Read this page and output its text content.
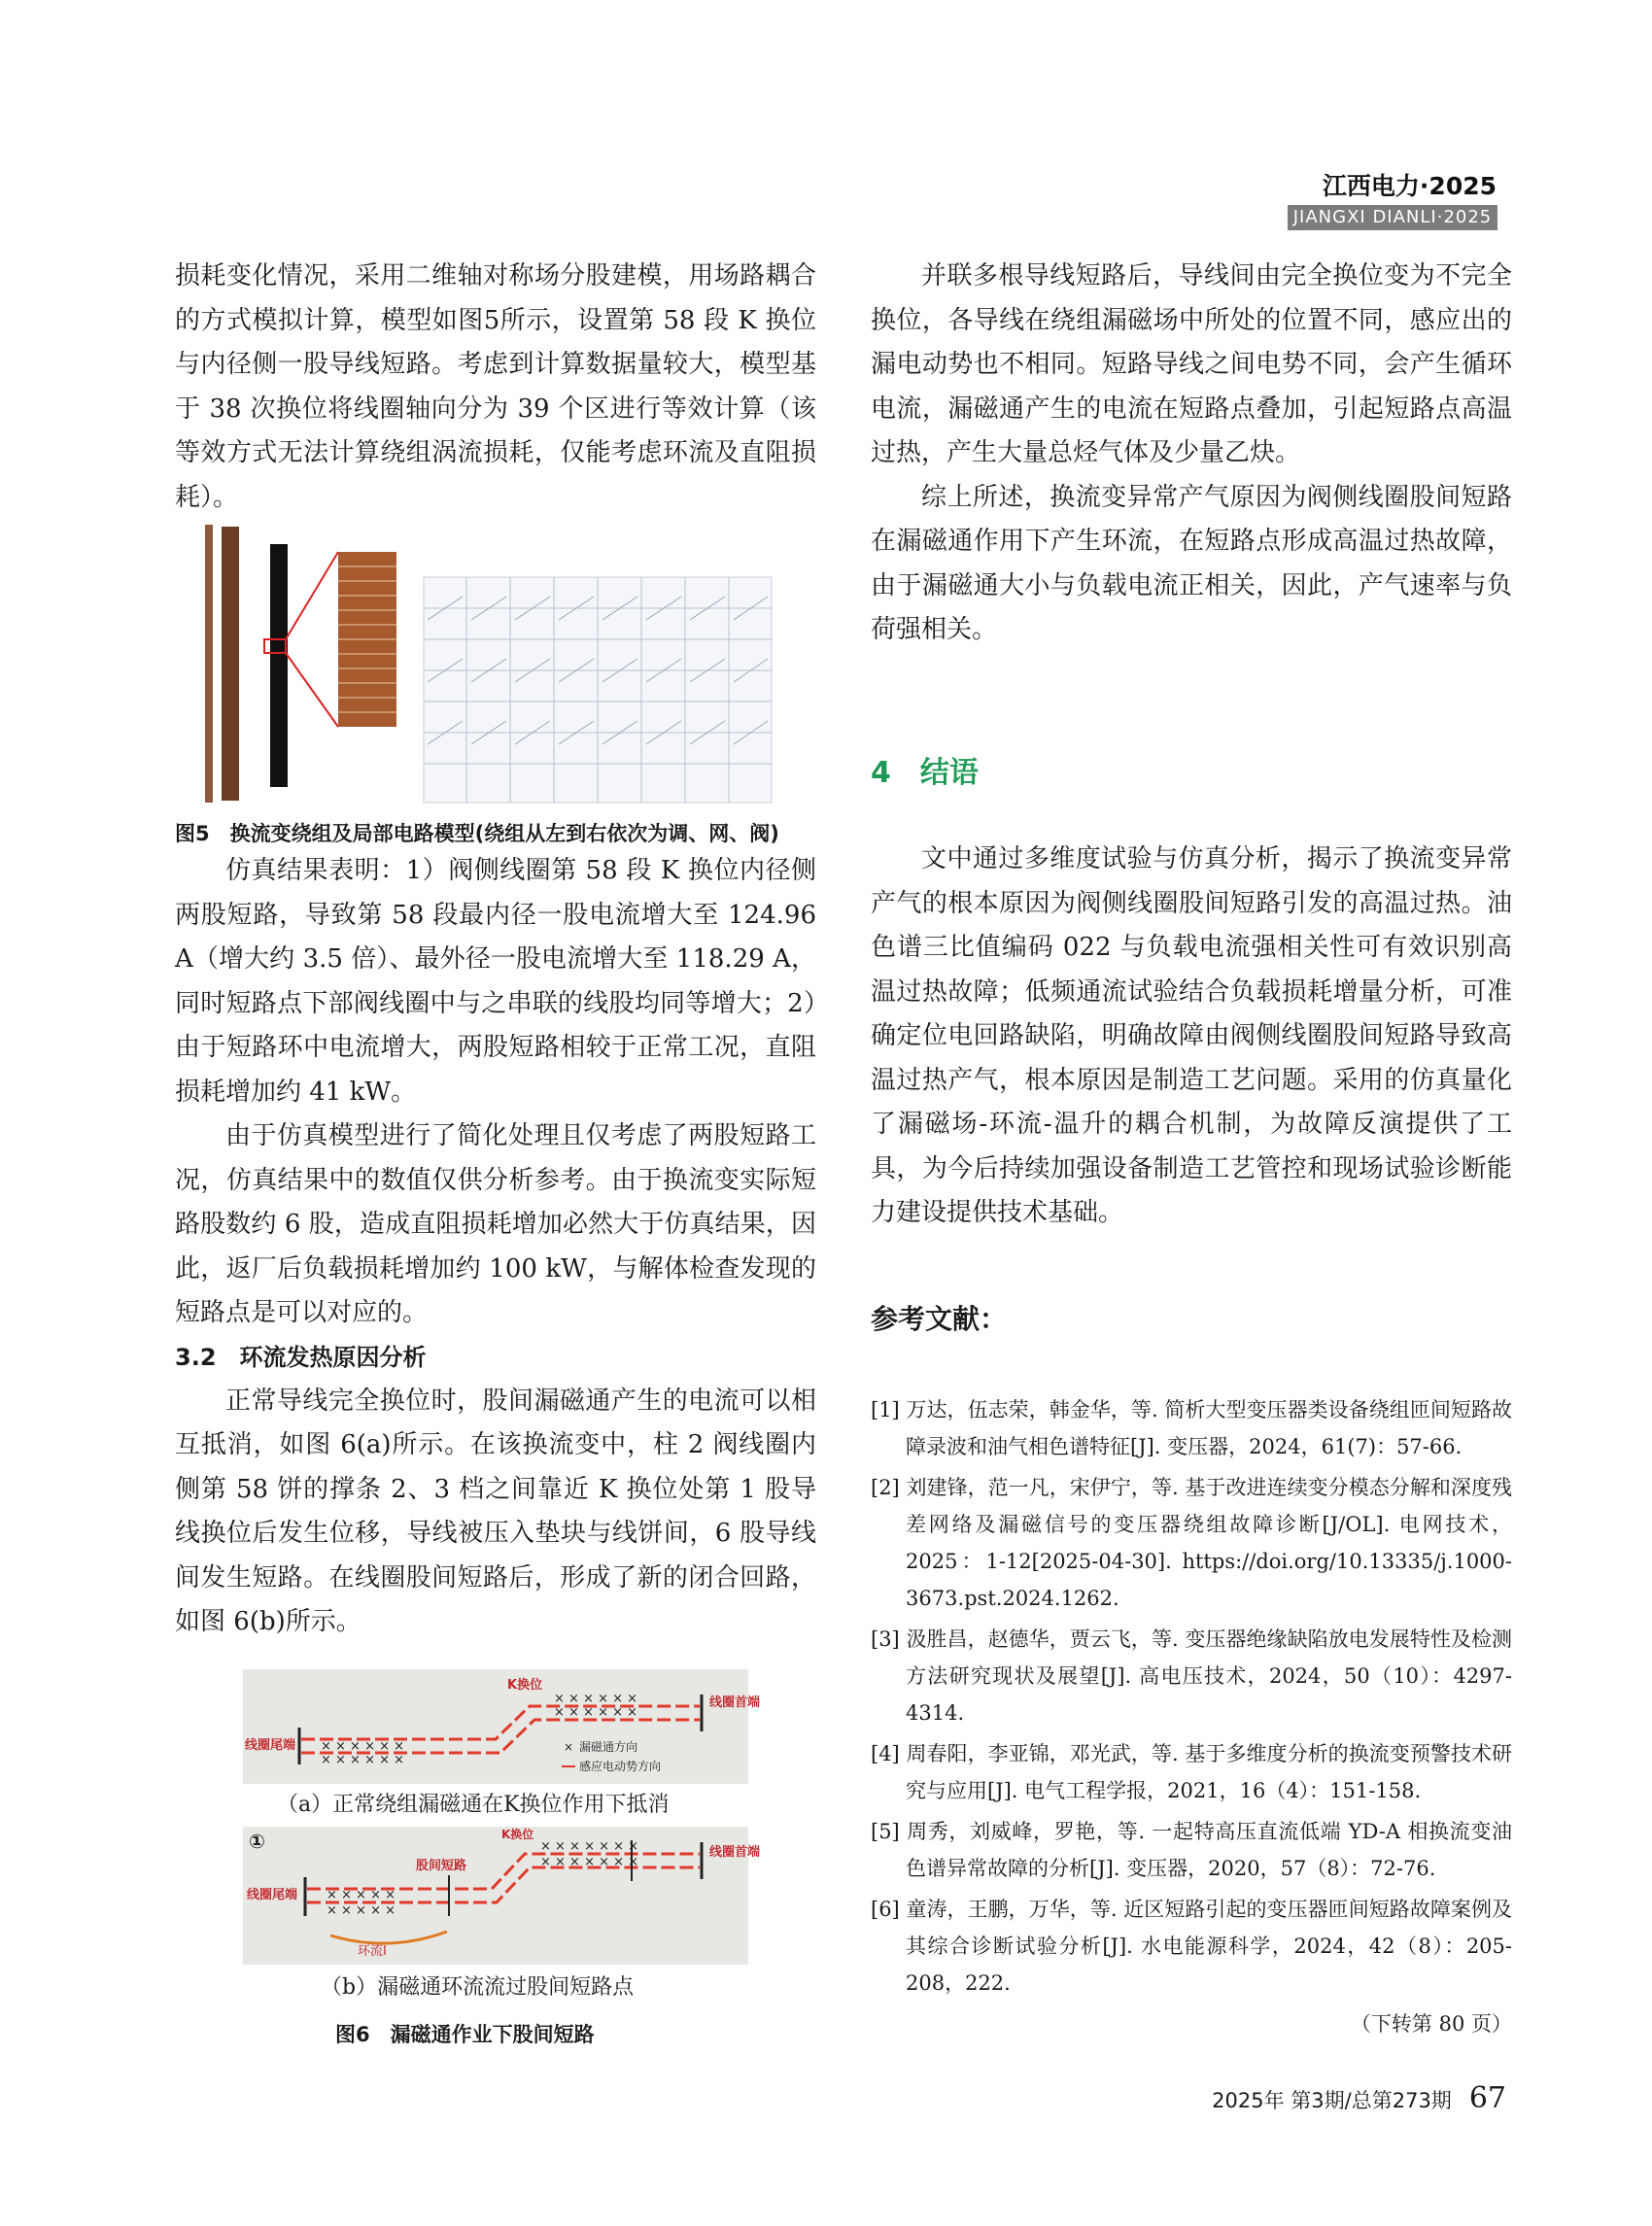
江西电力·2025
JIANGXI DIANLI·2025

损耗变化情况，采用二维轴对称场分股建模，用场路耦合的方式模拟计算，模型如图5所示，设置第 58 段 K 换位与内径侧一股导线短路。考虑到计算数据量较大，模型基于 38 次换位将线圈轴向分为 39 个区进行等效计算（该等效方式无法计算绕组涡流损耗，仅能考虑环流及直阻损耗）。

图5　换流变绕组及局部电路模型(绕组从左到右依次为调、网、阀)

仿真结果表明：1）阀侧线圈第 58 段 K 换位内径侧两股短路，导致第 58 段最内径一股电流增大至 124.96 A（增大约 3.5 倍）、最外径一股电流增大至 118.29 A，同时短路点下部阀线圈中与之串联的线股均同等增大；2）由于短路环中电流增大，两股短路相较于正常工况，直阻损耗增加约 41 kW。

由于仿真模型进行了简化处理且仅考虑了两股短路工况，仿真结果中的数值仅供分析参考。由于换流变实际短路股数约 6 股，造成直阻损耗增加必然大于仿真结果，因此，返厂后负载损耗增加约 100 kW，与解体检查发现的短路点是可以对应的。

3.2　环流发热原因分析

正常导线完全换位时，股间漏磁通产生的电流可以相互抵消，如图 6(a)所示。在该换流变中，柱 2 阀线圈内侧第 58 饼的撑条 2、3 档之间靠近 K 换位处第 1 股导线换位后发生位移，导线被压入垫块与线饼间，6 股导线间发生短路。在线圈股间短路后，形成了新的闭合回路，如图 6(b)所示。

× × × × × ×
× × × × × ×
× × × × × ×
× × × × × ×
K换位
线圈首端
线圈尾端	× 漏磁通方向
感应电动势方向
（a）正常绕组漏磁通在K换位作用下抵消
× × × × ×
× × × × ×
× × × × × × ×
× × × × × × ×
①	K换位
股间短路
线圈首端
线圈尾端
环流I
（b）漏磁通环流流过股间短路点
图6　漏磁通作业下股间短路

并联多根导线短路后，导线间由完全换位变为不完全换位，各导线在绕组漏磁场中所处的位置不同，感应出的漏电动势也不相同。短路导线之间电势不同，会产生循环电流，漏磁通产生的电流在短路点叠加，引起短路点高温过热，产生大量总烃气体及少量乙炔。

综上所述，换流变异常产气原因为阀侧线圈股间短路在漏磁通作用下产生环流，在短路点形成高温过热故障，由于漏磁通大小与负载电流正相关，因此，产气速率与负荷强相关。

4　结语

文中通过多维度试验与仿真分析，揭示了换流变异常产气的根本原因为阀侧线圈股间短路引发的高温过热。油色谱三比值编码 022 与负载电流强相关性可有效识别高温过热故障；低频通流试验结合负载损耗增量分析，可准确定位电回路缺陷，明确故障由阀侧线圈股间短路导致高温过热产气，根本原因是制造工艺问题。采用的仿真量化了漏磁场-环流-温升的耦合机制，为故障反演提供了工具，为今后持续加强设备制造工艺管控和现场试验诊断能力建设提供技术基础。

参考文献：
[1] 万达，伍志荣，韩金华，等. 简析大型变压器类设备绕组匝间短路故障录波和油气相色谱特征[J]. 变压器，2024，61(7)：57-66.
[2] 刘建锋，范一凡，宋伊宁，等. 基于改进连续变分模态分解和深度残差网络及漏磁信号的变压器绕组故障诊断[J/OL]. 电网技术，2025：1-12[2025-04-30]. https://doi.org/10.13335/j.1000-3673.pst.2024.1262.
[3] 汲胜昌，赵德华，贾云飞，等. 变压器绝缘缺陷放电发展特性及检测方法研究现状及展望[J]. 高电压技术，2024，50（10）：4297-4314.
[4] 周春阳，李亚锦，邓光武，等. 基于多维度分析的换流变预警技术研究与应用[J]. 电气工程学报，2021，16（4）：151-158.
[5] 周秀，刘威峰，罗艳，等. 一起特高压直流低端 YD-A 相换流变油色谱异常故障的分析[J]. 变压器，2020，57（8）：72-76.
[6] 童涛，王鹏，万华，等. 近区短路引起的变压器匝间短路故障案例及其综合诊断试验分析[J]. 水电能源科学，2024，42（8）：205-208，222.
（下转第 80 页）
2025年 第3期/总第273期 67
